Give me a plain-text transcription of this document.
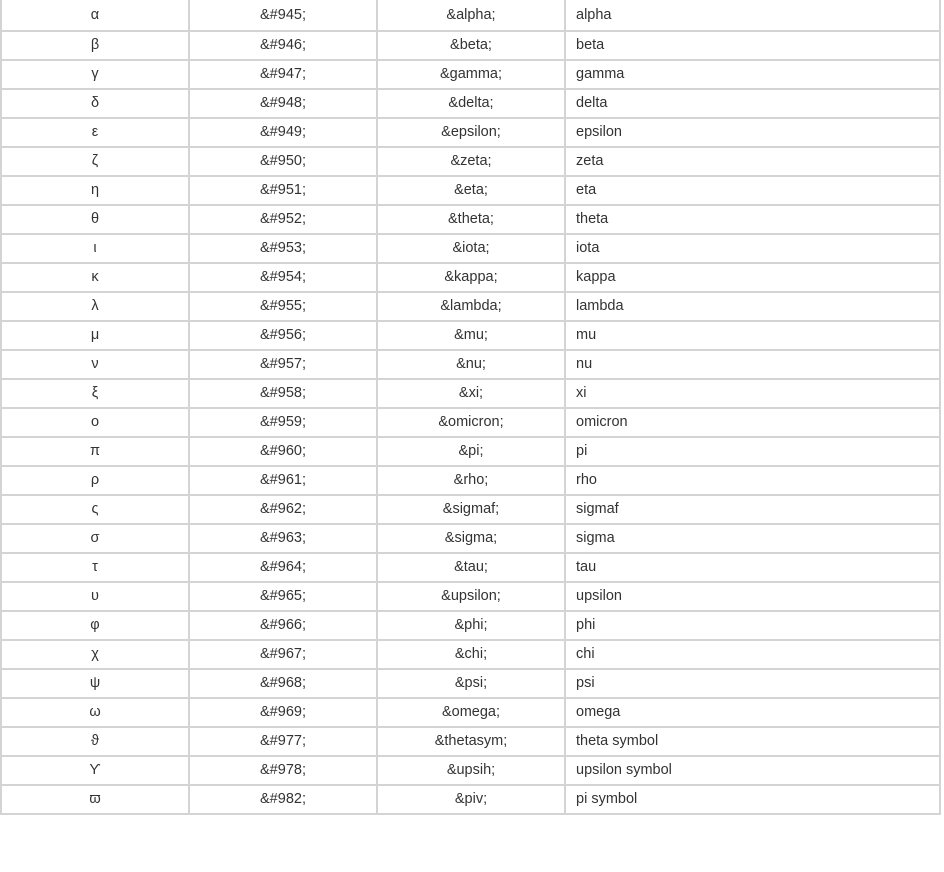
α	&#945;	&alpha;	alpha
β	&#946;	&beta;	beta
γ	&#947;	&gamma;	gamma
δ	&#948;	&delta;	delta
ε	&#949;	&epsilon;	epsilon
ζ	&#950;	&zeta;	zeta
η	&#951;	&eta;	eta
θ	&#952;	&theta;	theta
ι	&#953;	&iota;	iota
κ	&#954;	&kappa;	kappa
λ	&#955;	&lambda;	lambda
μ	&#956;	&mu;	mu
ν	&#957;	&nu;	nu
ξ	&#958;	&xi;	xi
ο	&#959;	&omicron;	omicron
π	&#960;	&pi;	pi
ρ	&#961;	&rho;	rho
ς	&#962;	&sigmaf;	sigmaf
σ	&#963;	&sigma;	sigma
τ	&#964;	&tau;	tau
υ	&#965;	&upsilon;	upsilon
φ	&#966;	&phi;	phi
χ	&#967;	&chi;	chi
ψ	&#968;	&psi;	psi
ω	&#969;	&omega;	omega
ϑ	&#977;	&thetasym;	theta symbol
ϒ	&#978;	&upsih;	upsilon symbol
ϖ	&#982;	&piv;	pi symbol
